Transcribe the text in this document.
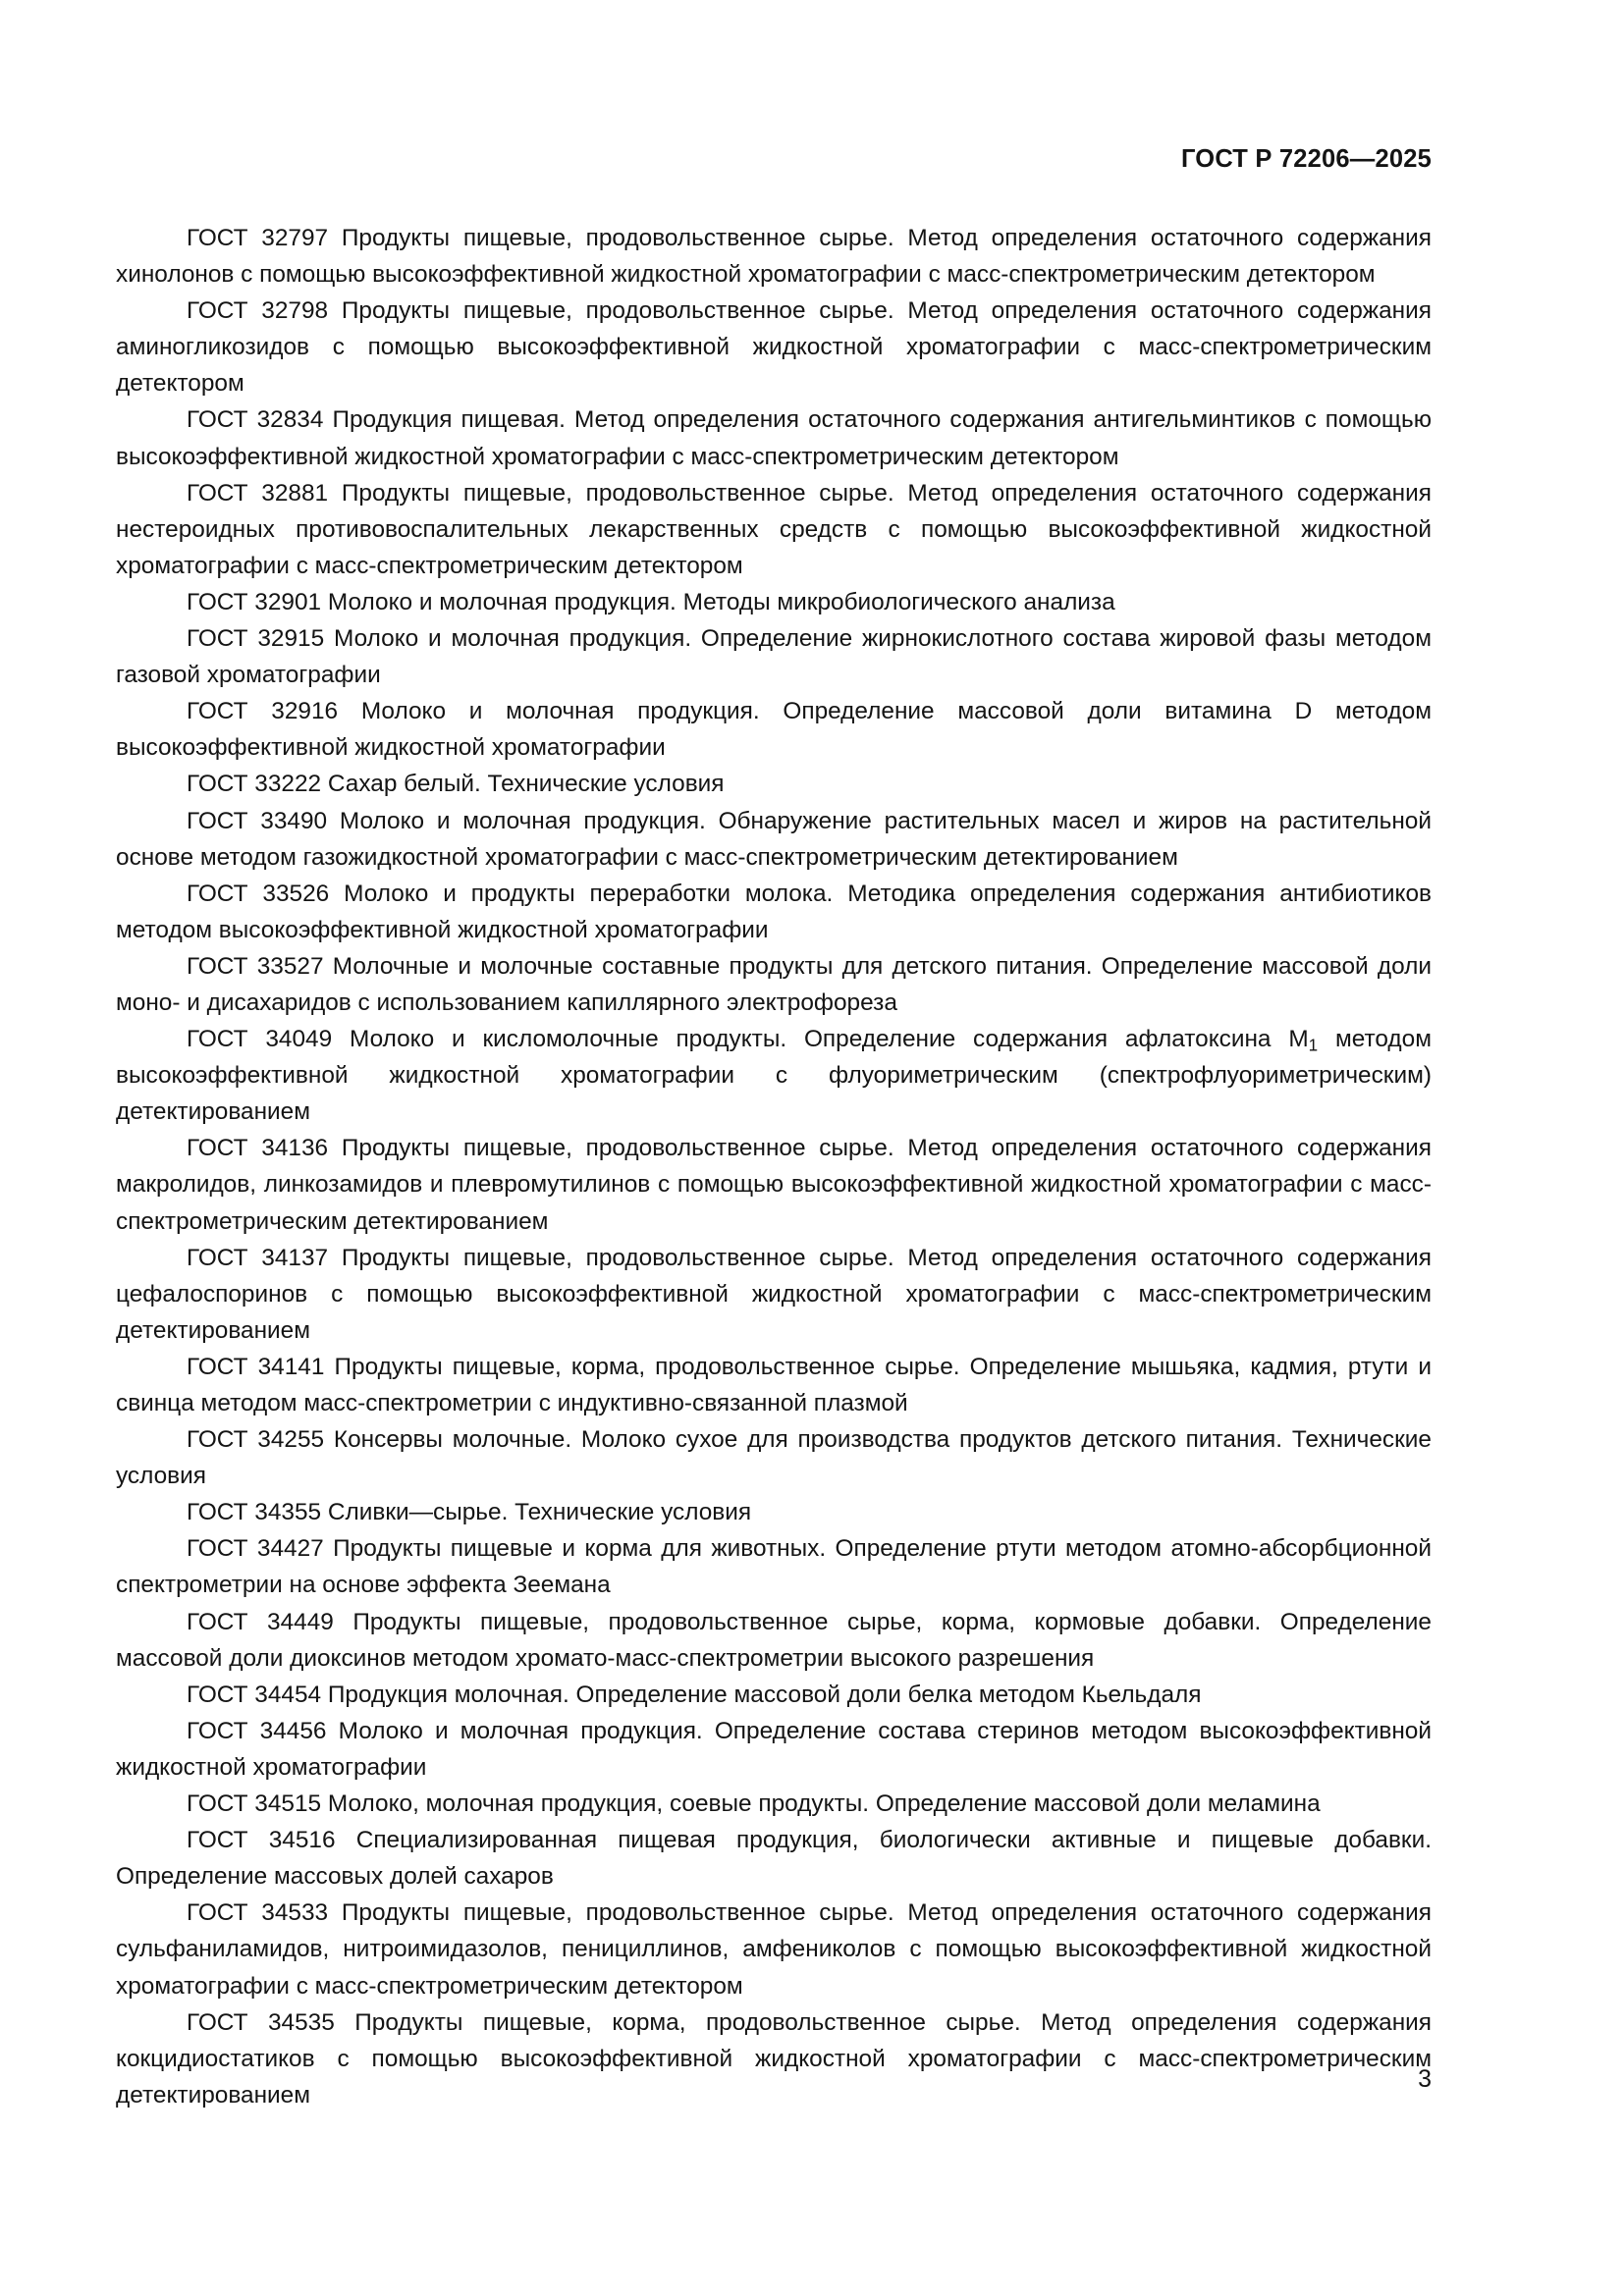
ГОСТ Р 72206—2025

ГОСТ 32797 Продукты пищевые, продовольственное сырье. Метод определения остаточного содержания хинолонов с помощью высокоэффективной жидкостной хроматографии с масс-спектрометрическим детектором

ГОСТ 32798 Продукты пищевые, продовольственное сырье. Метод определения остаточного содержания аминогликозидов с помощью высокоэффективной жидкостной хроматографии с масс-спектрометрическим детектором

ГОСТ 32834 Продукция пищевая. Метод определения остаточного содержания антигельминтиков с помощью высокоэффективной жидкостной хроматографии с масс-спектрометрическим детектором

ГОСТ 32881 Продукты пищевые, продовольственное сырье. Метод определения остаточного содержания нестероидных противовоспалительных лекарственных средств с помощью высокоэффективной жидкостной хроматографии с масс-спектрометрическим детектором

ГОСТ 32901 Молоко и молочная продукция. Методы микробиологического анализа

ГОСТ 32915 Молоко и молочная продукция. Определение жирнокислотного состава жировой фазы методом газовой хроматографии

ГОСТ 32916 Молоко и молочная продукция. Определение массовой доли витамина D методом высокоэффективной жидкостной хроматографии

ГОСТ 33222 Сахар белый. Технические условия

ГОСТ 33490 Молоко и молочная продукция. Обнаружение растительных масел и жиров на растительной основе методом газожидкостной хроматографии с масс-спектрометрическим детектированием

ГОСТ 33526 Молоко и продукты переработки молока. Методика определения содержания антибиотиков методом высокоэффективной жидкостной хроматографии

ГОСТ 33527 Молочные и молочные составные продукты для детского питания. Определение массовой доли моно- и дисахаридов с использованием капиллярного электрофореза

ГОСТ 34049 Молоко и кисломолочные продукты. Определение содержания афлатоксина $M_1$ методом высокоэффективной жидкостной хроматографии с флуориметрическим (спектрофлуориметрическим) детектированием

ГОСТ 34136 Продукты пищевые, продовольственное сырье. Метод определения остаточного содержания макролидов, линкозамидов и плевромутилинов с помощью высокоэффективной жидкостной хроматографии с масс-спектрометрическим детектированием

ГОСТ 34137 Продукты пищевые, продовольственное сырье. Метод определения остаточного содержания цефалоспоринов с помощью высокоэффективной жидкостной хроматографии с масс-спектрометрическим детектированием

ГОСТ 34141 Продукты пищевые, корма, продовольственное сырье. Определение мышьяка, кадмия, ртути и свинца методом масс-спектрометрии с индуктивно-связанной плазмой

ГОСТ 34255 Консервы молочные. Молоко сухое для производства продуктов детского питания. Технические условия

ГОСТ 34355 Сливки—сырье. Технические условия

ГОСТ 34427 Продукты пищевые и корма для животных. Определение ртути методом атомно-абсорбционной спектрометрии на основе эффекта Зеемана

ГОСТ 34449 Продукты пищевые, продовольственное сырье, корма, кормовые добавки. Определение массовой доли диоксинов методом хромато-масс-спектрометрии высокого разрешения

ГОСТ 34454 Продукция молочная. Определение массовой доли белка методом Кьельдаля

ГОСТ 34456 Молоко и молочная продукция. Определение состава стеринов методом высокоэффективной жидкостной хроматографии

ГОСТ 34515 Молоко, молочная продукция, соевые продукты. Определение массовой доли меламина

ГОСТ 34516 Специализированная пищевая продукция, биологически активные и пищевые добавки. Определение массовых долей сахаров

ГОСТ 34533 Продукты пищевые, продовольственное сырье. Метод определения остаточного содержания сульфаниламидов, нитроимидазолов, пенициллинов, амфениколов с помощью высокоэффективной жидкостной хроматографии с масс-спектрометрическим детектором

ГОСТ 34535 Продукты пищевые, корма, продовольственное сырье. Метод определения содержания кокцидиостатиков с помощью высокоэффективной жидкостной хроматографии с масс-спектрометрическим детектированием

3
